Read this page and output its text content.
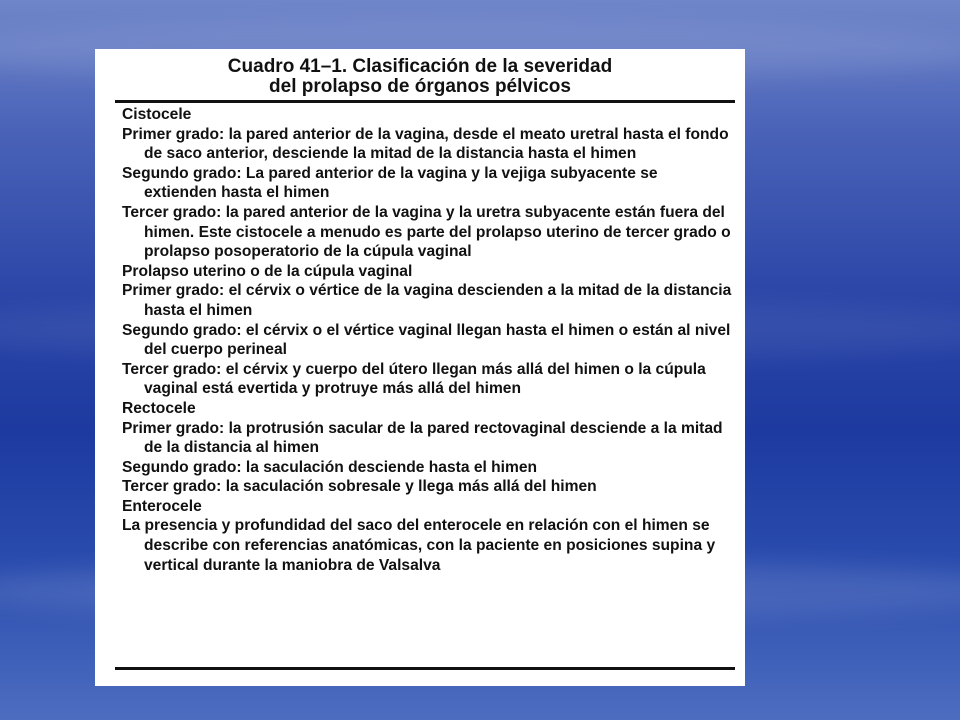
Cuadro 41–1. Clasificación de la severidad
del prolapso de órganos pélvicos
Cistocele
Primer grado: la pared anterior de la vagina, desde el meato uretral hasta el fondo de saco anterior, desciende la mitad de la distancia hasta el himen
Segundo grado: La pared anterior de la vagina y la vejiga subyacente se extienden hasta el himen
Tercer grado: la pared anterior de la vagina y la uretra subyacente están fuera del himen. Este cistocele a menudo es parte del prolapso uterino de tercer grado o prolapso posoperatorio de la cúpula vaginal
Prolapso uterino o de la cúpula vaginal
Primer grado: el cérvix o vértice de la vagina descienden a la mitad de la distancia hasta el himen
Segundo grado: el cérvix o el vértice vaginal llegan hasta el himen o están al nivel del cuerpo perineal
Tercer grado: el cérvix y cuerpo del útero llegan más allá del himen o la cúpula vaginal está evertida y protruye más allá del himen
Rectocele
Primer grado: la protrusión sacular de la pared rectovaginal desciende a la mitad de la distancia al himen
Segundo grado: la saculación desciende hasta el himen
Tercer grado: la saculación sobresale y llega más allá del himen
Enterocele
La presencia y profundidad del saco del enterocele en relación con el himen se describe con referencias anatómicas, con la paciente en posiciones supina y vertical durante la maniobra de Valsalva
